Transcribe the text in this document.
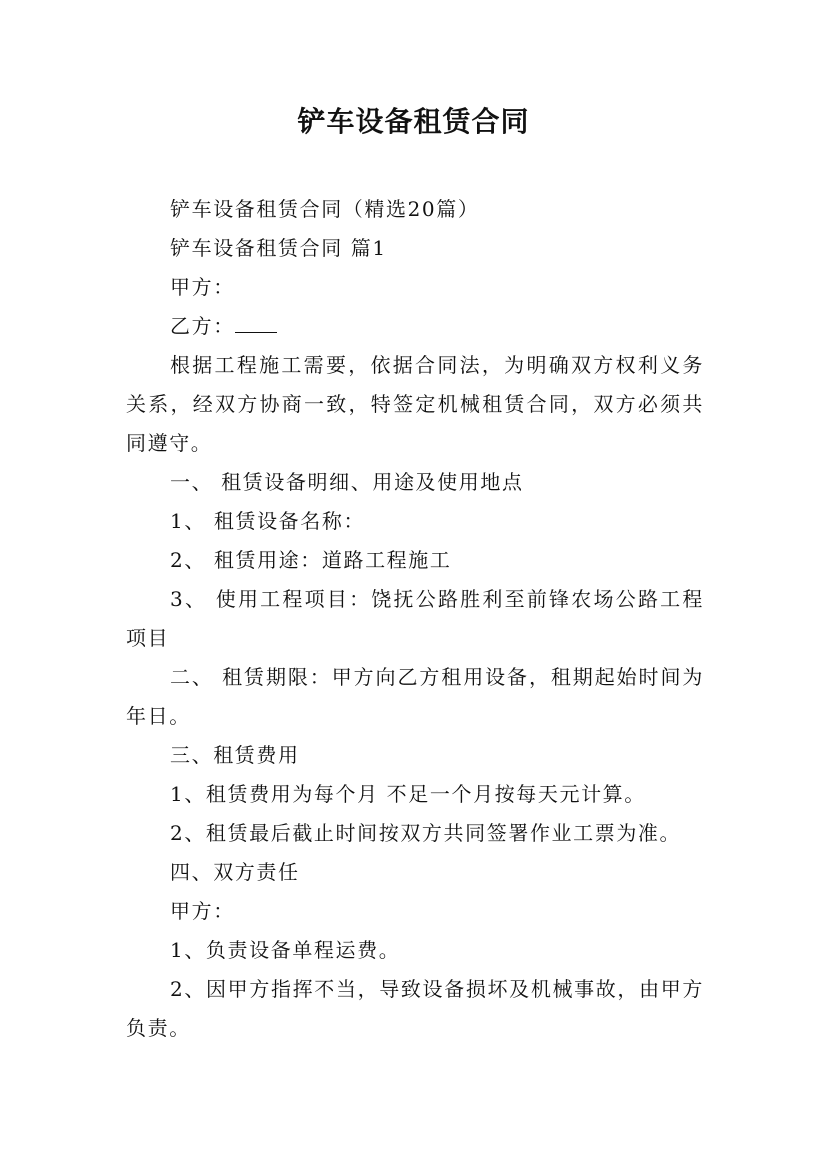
铲车设备租赁合同

铲车设备租赁合同（精选20篇）

铲车设备租赁合同 篇1

甲方：

乙方：

根据工程施工需要，依据合同法，为明确双方权利义务关系，经双方协商一致，特签定机械租赁合同，双方必须共同遵守。

一、 租赁设备明细、用途及使用地点

1、 租赁设备名称：

2、 租赁用途：道路工程施工

3、 使用工程项目：饶抚公路胜利至前锋农场公路工程项目

二、 租赁期限：甲方向乙方租用设备，租期起始时间为年日。

三、租赁费用

1、租赁费用为每个月 不足一个月按每天元计算。

2、租赁最后截止时间按双方共同签署作业工票为准。

四、双方责任

甲方：

1、负责设备单程运费。

2、因甲方指挥不当，导致设备损坏及机械事故，由甲方负责。
